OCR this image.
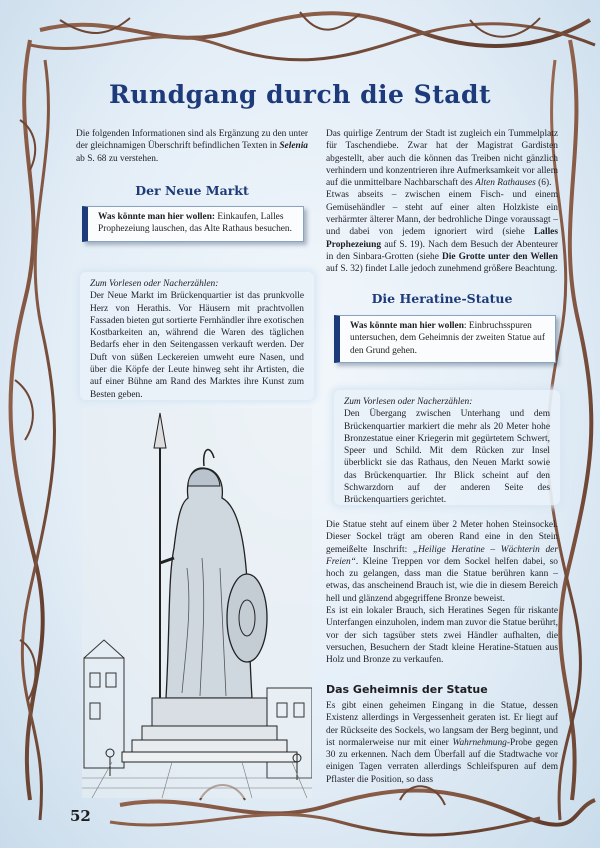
Rundgang durch die Stadt

Die folgenden Informationen sind als Ergänzung zu den unter der gleichnamigen Überschrift befindlichen Texten in Selenia ab S. 68 zu verstehen.

Der Neue Markt
Was könnte man hier wollen: Einkaufen, Lalles Prophezeiung lauschen, das Alte Rathaus besuchen.
Zum Vorlesen oder Nacherzählen:
Der Neue Markt im Brückenquartier ist das prunkvolle Herz von Herathis. Vor Häusern mit prachtvollen Fassaden bieten gut sortierte Fernhändler ihre exotischen Kostbarkeiten an, während die Waren des täglichen Bedarfs eher in den Seitengassen verkauft werden. Der Duft von süßen Leckereien umweht eure Nasen, und über die Köpfe der Leute hinweg seht ihr Artisten, die auf einer Bühne am Rand des Marktes ihre Kunst zum Besten geben.
52

Das quirlige Zentrum der Stadt ist zugleich ein Tummelplatz für Taschendiebe. Zwar hat der Magistrat Gardisten abgestellt, aber auch die können das Treiben nicht gänzlich verhindern und konzentrieren ihre Aufmerksamkeit vor allem auf die unmittelbare Nachbarschaft des Alten Rathauses (6).

Etwas abseits – zwischen einem Fisch- und einem Gemüsehändler – steht auf einer alten Holzkiste ein verhärmter älterer Mann, der bedrohliche Dinge voraussagt – und dabei von jedem ignoriert wird (siehe Lalles Prophezeiung auf S. 19). Nach dem Besuch der Abenteurer in den Sinbara-Grotten (siehe Die Grotte unter den Wellen auf S. 32) findet Lalle jedoch zunehmend größere Beachtung.

Die Heratine-Statue
Was könnte man hier wollen: Einbruchsspuren untersuchen, dem Geheimnis der zweiten Statue auf den Grund gehen.
Zum Vorlesen oder Nacherzählen:
Den Übergang zwischen Unterhang und dem Brückenquartier markiert die mehr als 20 Meter hohe Bronzestatue einer Kriegerin mit gegürtetem Schwert, Speer und Schild. Mit dem Rücken zur Insel überblickt sie das Rathaus, den Neuen Markt sowie das Brückenquartier. Ihr Blick scheint auf den Schwarzdorn auf der anderen Seite des Brückenquartiers gerichtet.

Die Statue steht auf einem über 2 Meter hohen Steinsockel. Dieser Sockel trägt am oberen Rand eine in den Stein gemeißelte Inschrift: „Heilige Heratine – Wächterin der Freien“. Kleine Treppen vor dem Sockel helfen dabei, so hoch zu gelangen, dass man die Statue berühren kann – etwas, das anscheinend Brauch ist, wie die in diesem Bereich hell und glänzend abgegriffene Bronze beweist.

Es ist ein lokaler Brauch, sich Heratines Segen für riskante Unterfangen einzuholen, indem man zuvor die Statue berührt, vor der sich tagsüber stets zwei Händler aufhalten, die versuchen, Besuchern der Stadt kleine Heratine-Statuen aus Holz und Bronze zu verkaufen.

Das Geheimnis der Statue

Es gibt einen geheimen Eingang in die Statue, dessen Existenz allerdings in Vergessenheit geraten ist. Er liegt auf der Rückseite des Sockels, wo langsam der Berg beginnt, und ist normalerweise nur mit einer Wahrnehmung-Probe gegen 30 zu erkennen. Nach dem Überfall auf die Stadtwache vor einigen Tagen verraten allerdings Schleifspuren auf dem Pflaster die Position, so dass
